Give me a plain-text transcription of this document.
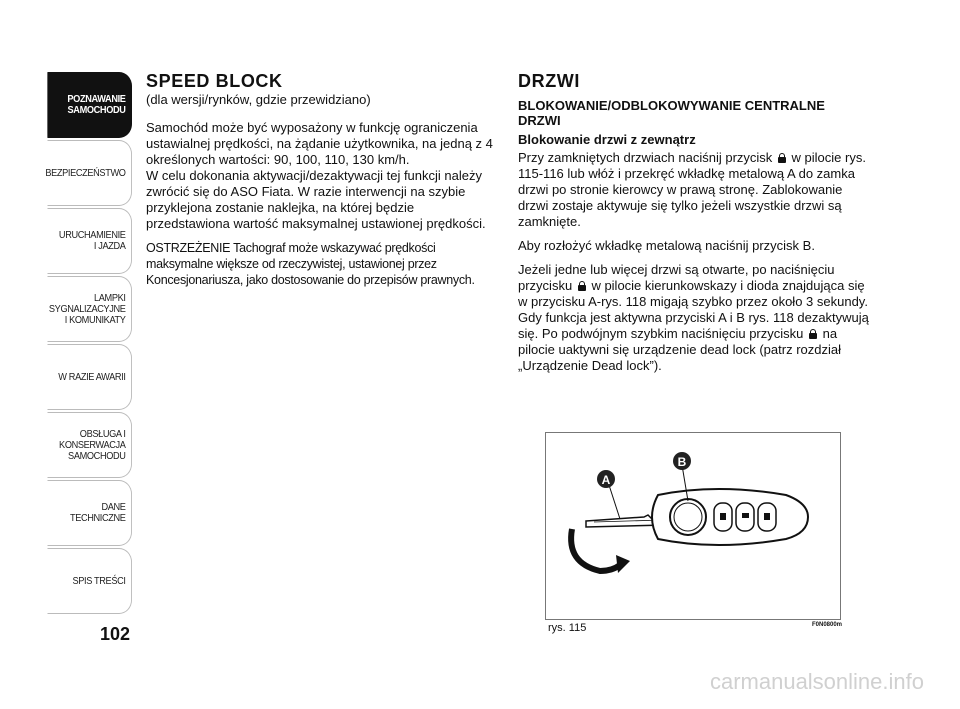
POZNAWANIE
SAMOCHODU
BEZPIECZEŃSTWO
URUCHAMIENIE
I JAZDA
LAMPKI
SYGNALIZACYJNE
I KOMUNIKATY
W RAZIE AWARII
OBSŁUGA I
KONSERWACJA
SAMOCHODU
DANE TECHNICZNE
SPIS TREŚCI
102
SPEED BLOCK

(dla wersji/rynków, gdzie przewidziano)

Samochód może być wyposażony w funkcję ograniczenia ustawialnej prędkości, na żądanie użytkownika, na jedną z 4 określonych wartości: 90, 100, 110, 130 km/h.

W celu dokonania aktywacji/dezaktywacji tej funkcji należy zwrócić się do ASO Fiata. W razie interwencji na szybie przyklejona zostanie naklejka, na której będzie przedstawiona wartość maksymalnej ustawionej prędkości.

OSTRZEŻENIE Tachograf może wskazywać prędkości maksymalne większe od rzeczywistej, ustawionej przez Koncesjonariusza, jako dostosowanie do przepisów prawnych.

DRZWI
BLOKOWANIE/ODBLOKOWYWANIE CENTRALNE DRZWI
Blokowanie drzwi z zewnątrz

Przy zamkniętych drzwiach naciśnij przycisk w pilocie rys. 115-116 lub włóż i przekręć wkładkę metalową A do zamka drzwi po stronie kierowcy w prawą stronę. Zablokowanie drzwi zostaje aktywuje się tylko jeżeli wszystkie drzwi są zamknięte.

Aby rozłożyć wkładkę metalową naciśnij przycisk B.

Jeżeli jedne lub więcej drzwi są otwarte, po naciśnięciu przycisku w pilocie kierunkowskazy i dioda znajdująca się w przycisku A-rys. 118 migają szybko przez około 3 sekundy. Gdy funkcja jest aktywna przyciski A i B rys. 118 dezaktywują się. Po podwójnym szybkim naciśnięciu przycisku na pilocie uaktywni się urządzenie dead lock (patrz rozdział „Urządzenie Dead lock”).

A
B
rys. 115	F0N0800m
carmanualsonline.info
